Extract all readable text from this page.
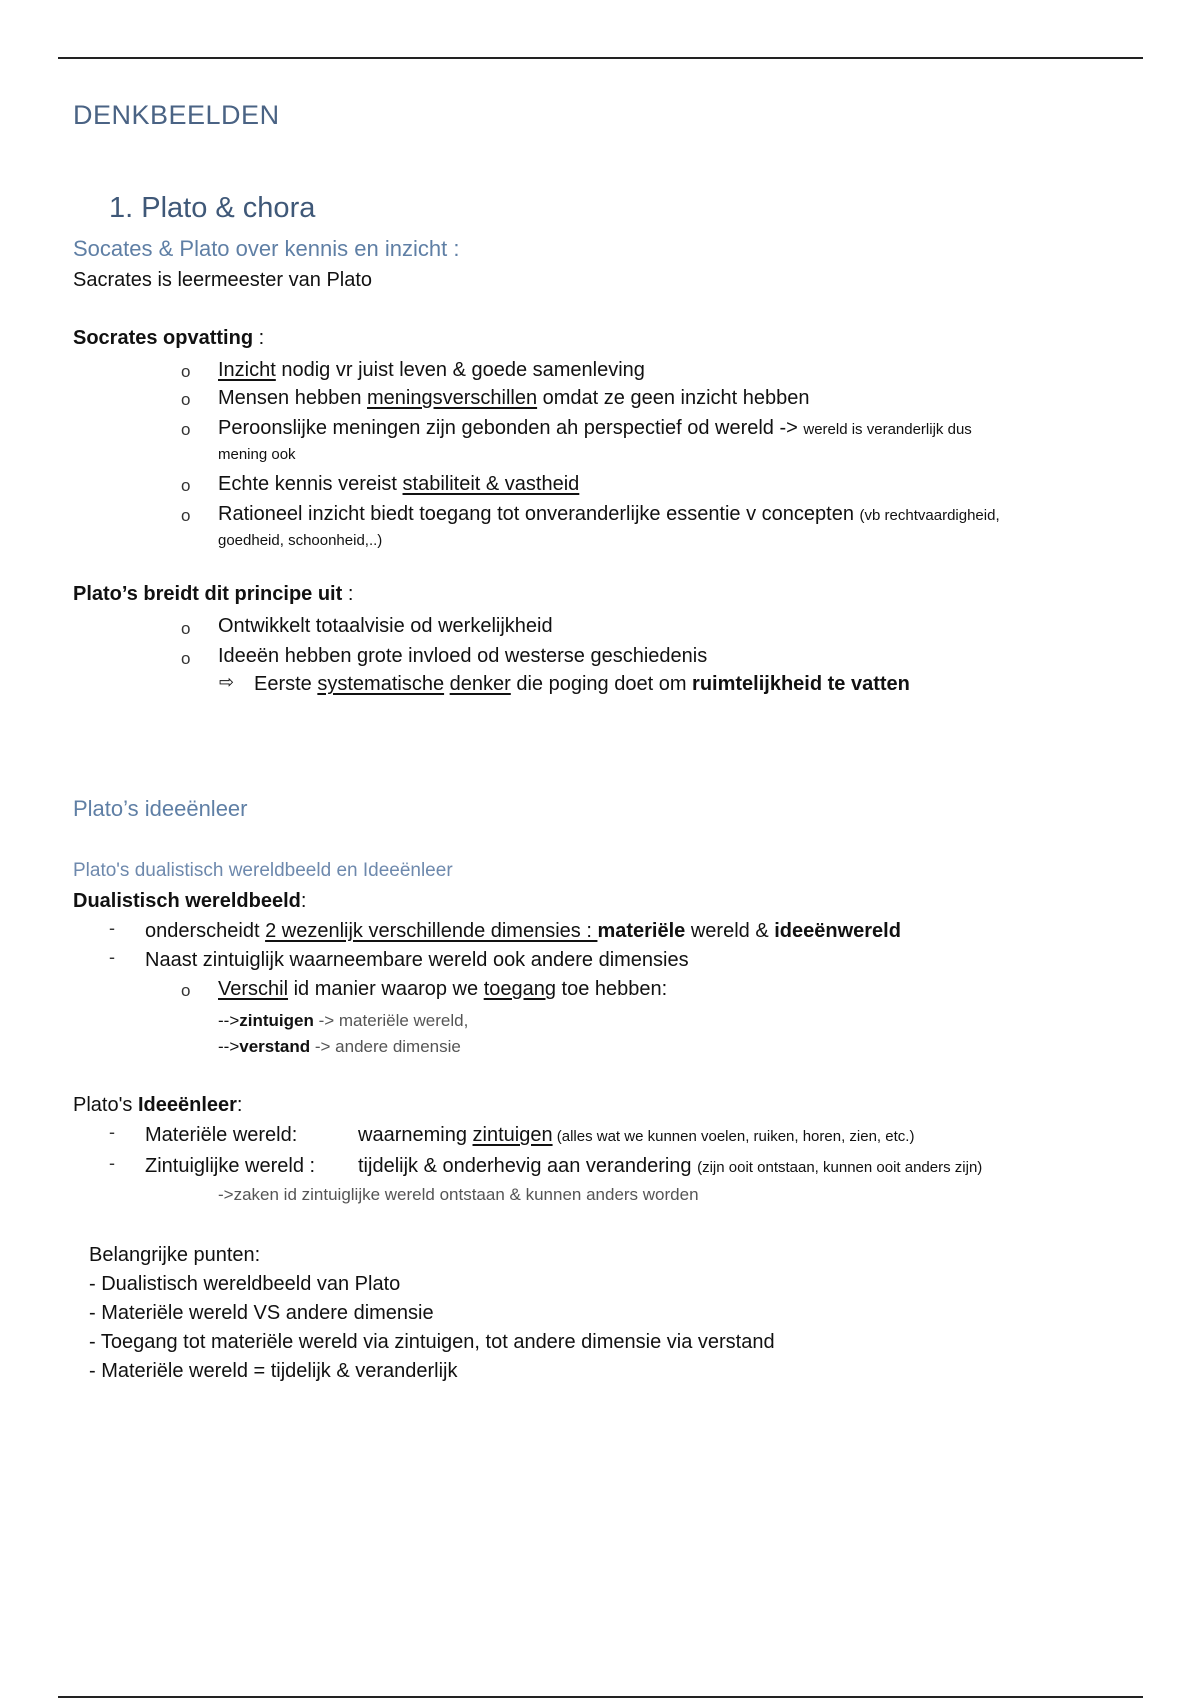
DENKBEELDEN
1. Plato & chora
Socates & Plato over kennis en inzicht :
Sacrates is leermeester van Plato
Socrates opvatting :
o Inzicht nodig vr juist leven & goede samenleving
o Mensen hebben meningsverschillen omdat ze geen inzicht hebben
o Peroonslijke meningen zijn gebonden ah perspectief od wereld -> wereld is veranderlijk dus
mening ook
o Echte kennis vereist stabiliteit & vastheid
o Rationeel inzicht biedt toegang tot onveranderlijke essentie v concepten (vb rechtvaardigheid,
goedheid, schoonheid,..)
Plato’s breidt dit principe uit :
o Ontwikkelt totaalvisie od werkelijkheid
o Ideeën hebben grote invloed od westerse geschiedenis
⇨ Eerste systematische denker die poging doet om ruimtelijkheid te vatten
Plato’s ideeënleer
Plato's dualistisch wereldbeeld en Ideeënleer
Dualistisch wereldbeeld:
- onderscheidt 2 wezenlijk verschillende dimensies : materiële wereld & ideeënwereld
- Naast zintuiglijk waarneembare wereld ook andere dimensies
o Verschil id manier waarop we toegang toe hebben:
-->zintuigen -> materiële wereld,
-->verstand -> andere dimensie
Plato's Ideeënleer:
- Materiële wereld:	waarneming zintuigen (alles wat we kunnen voelen, ruiken, horen, zien, etc.)
- Zintuiglijke wereld : tijdelijk & onderhevig aan verandering (zijn ooit ontstaan, kunnen ooit anders zijn)
->zaken id zintuiglijke wereld ontstaan & kunnen anders worden
Belangrijke punten:
- Dualistisch wereldbeeld van Plato
- Materiële wereld VS andere dimensie
- Toegang tot materiële wereld via zintuigen, tot andere dimensie via verstand
- Materiële wereld = tijdelijk & veranderlijk
